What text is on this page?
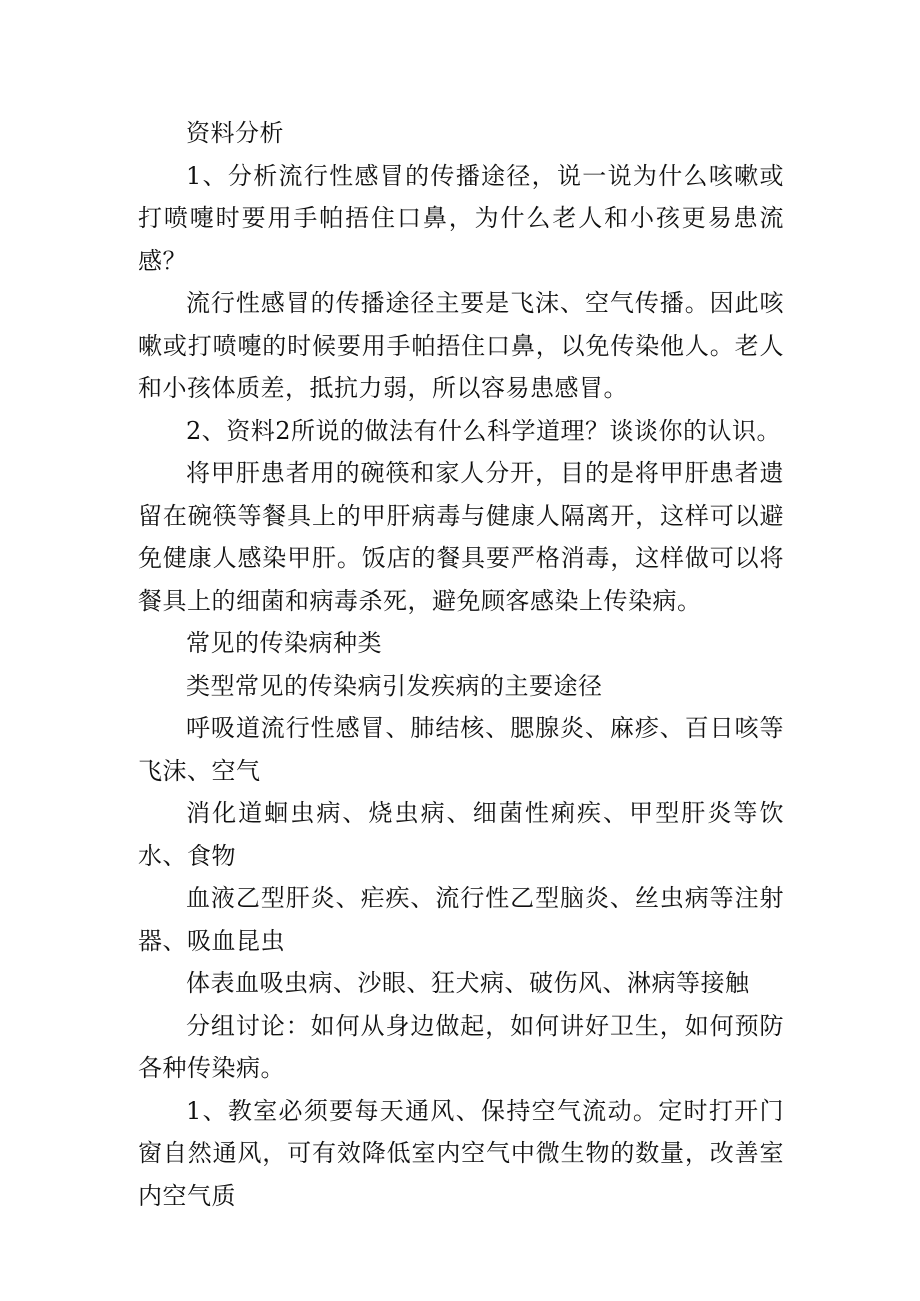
资料分析

1、分析流行性感冒的传播途径，说一说为什么咳嗽或打喷嚏时要用手帕捂住口鼻，为什么老人和小孩更易患流感？

流行性感冒的传播途径主要是飞沫、空气传播。因此咳嗽或打喷嚏的时候要用手帕捂住口鼻，以免传染他人。老人和小孩体质差，抵抗力弱，所以容易患感冒。

2、资料2所说的做法有什么科学道理？谈谈你的认识。

将甲肝患者用的碗筷和家人分开，目的是将甲肝患者遗留在碗筷等餐具上的甲肝病毒与健康人隔离开，这样可以避免健康人感染甲肝。饭店的餐具要严格消毒，这样做可以将餐具上的细菌和病毒杀死，避免顾客感染上传染病。

常见的传染病种类

类型常见的传染病引发疾病的主要途径

呼吸道流行性感冒、肺结核、腮腺炎、麻疹、百日咳等飞沫、空气

消化道蛔虫病、烧虫病、细菌性痢疾、甲型肝炎等饮水、食物

血液乙型肝炎、疟疾、流行性乙型脑炎、丝虫病等注射器、吸血昆虫

体表血吸虫病、沙眼、狂犬病、破伤风、淋病等接触

分组讨论：如何从身边做起，如何讲好卫生，如何预防各种传染病。

1、教室必须要每天通风、保持空气流动。定时打开门窗自然通风，可有效降低室内空气中微生物的数量，改善室内空气质
